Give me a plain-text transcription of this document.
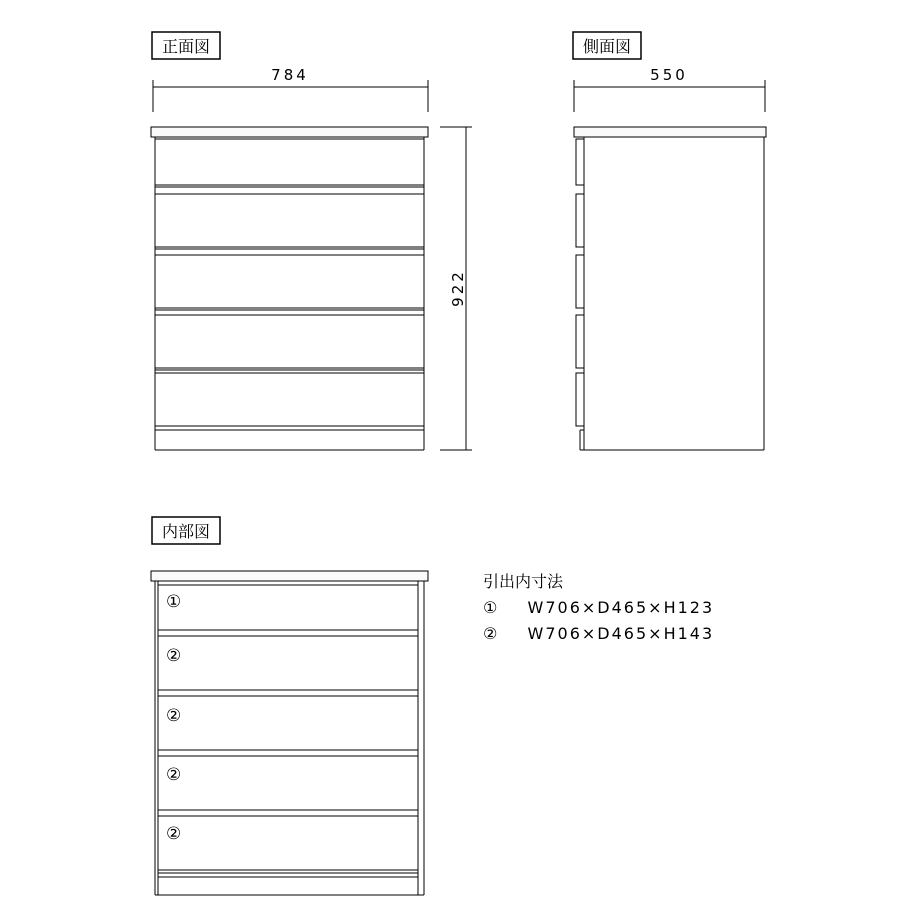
正面図
784
922
側面図
550
内部図
①
②
②
②
②
引出内寸法
① W706×D465×H123
② W706×D465×H143
